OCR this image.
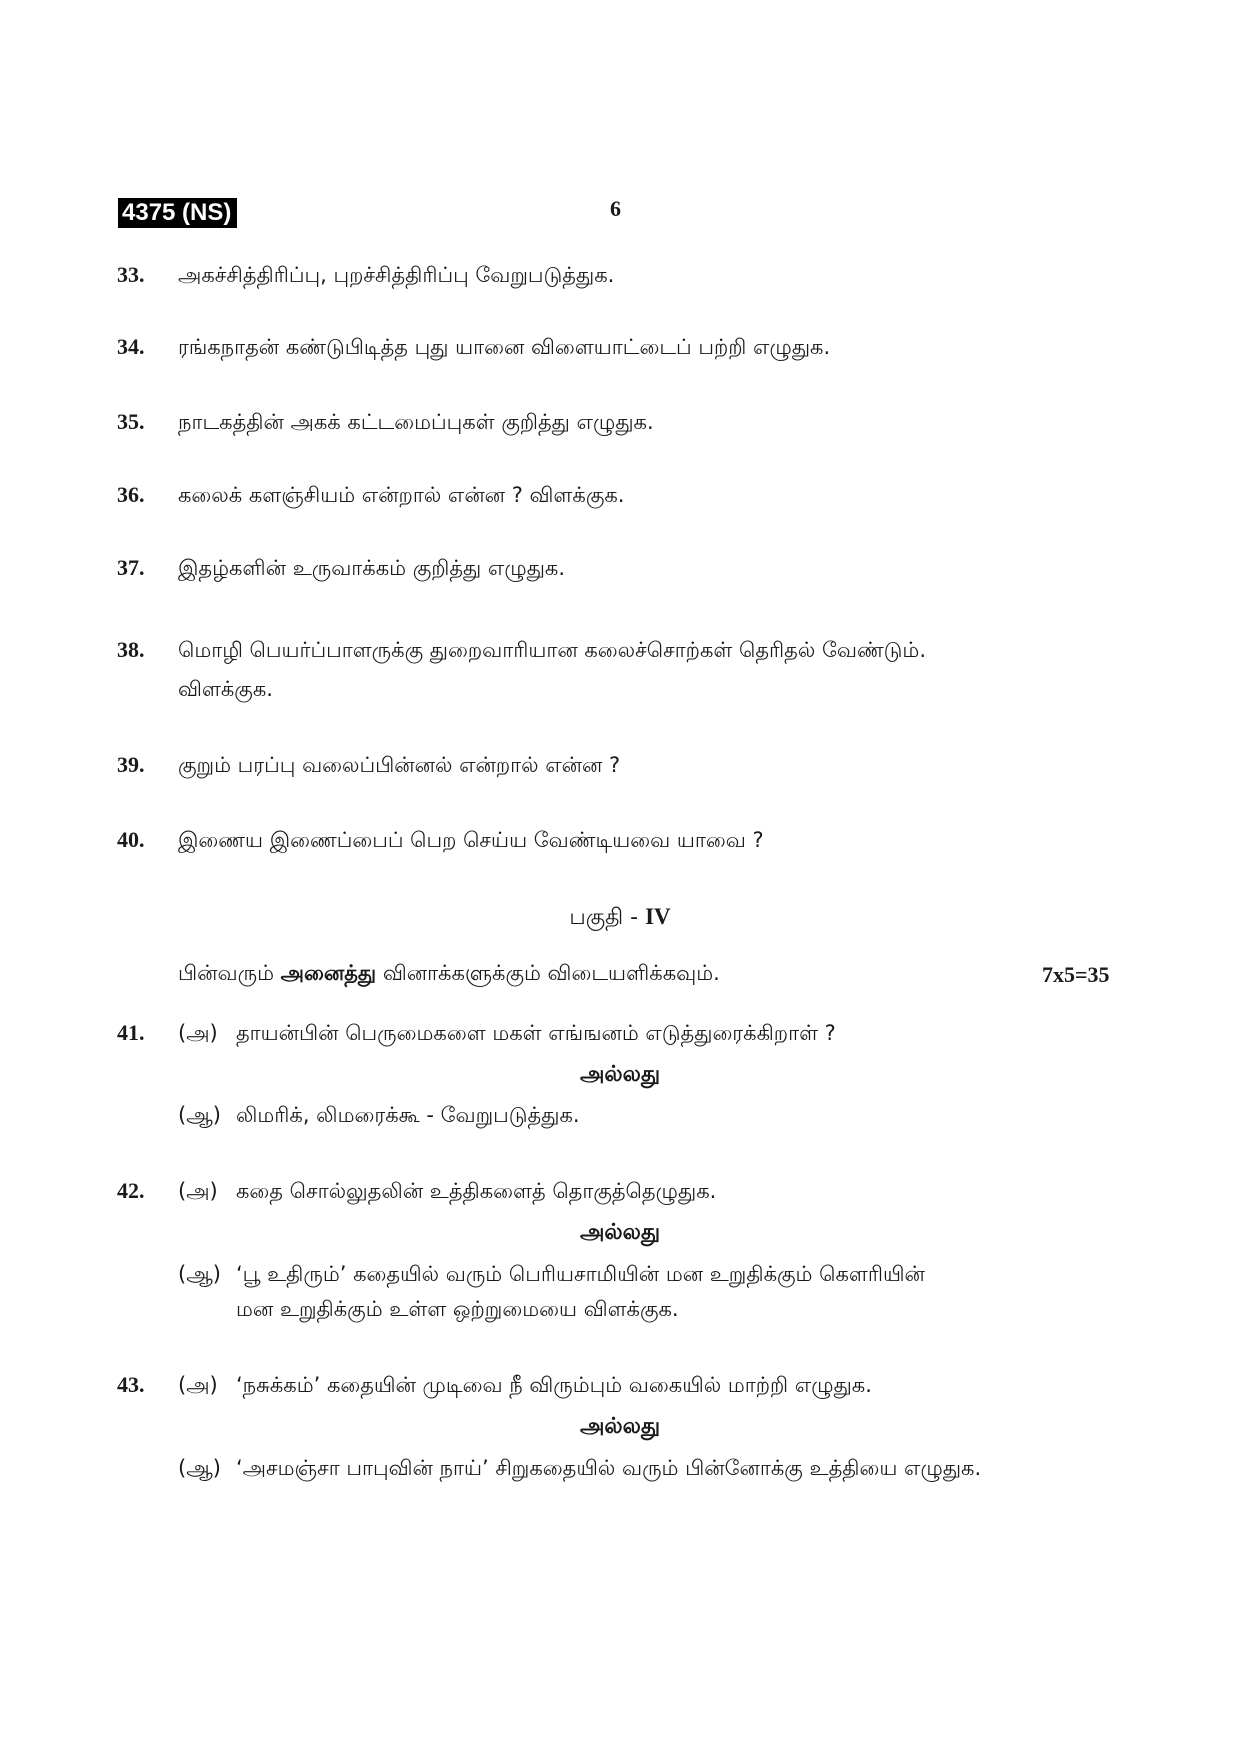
4375 (NS)	6
33. அகச்சித்திரிப்பு, புறச்சித்திரிப்பு வேறுபடுத்துக.
34. ரங்கநாதன் கண்டுபிடித்த புது யானை விளையாட்டைப் பற்றி எழுதுக.
35. நாடகத்தின் அகக் கட்டமைப்புகள் குறித்து எழுதுக.
36. கலைக் களஞ்சியம் என்றால் என்ன ? விளக்குக.
37. இதழ்களின் உருவாக்கம் குறித்து எழுதுக.
38. மொழி பெயர்ப்பாளருக்கு துறைவாரியான கலைச்சொற்கள் தெரிதல் வேண்டும்.
விளக்குக.
39. குறும் பரப்பு வலைப்பின்னல் என்றால் என்ன ?
40. இணைய இணைப்பைப் பெற செய்ய வேண்டியவை யாவை ?
பகுதி - IV
பின்வரும் அனைத்து வினாக்களுக்கும் விடையளிக்கவும்.	7x5=35
41. (அ) தாயன்பின் பெருமைகளை மகள் எங்ஙனம் எடுத்துரைக்கிறாள் ?
அல்லது
(ஆ) லிமரிக், லிமரைக்கூ - வேறுபடுத்துக.
42. (அ) கதை சொல்லுதலின் உத்திகளைத் தொகுத்தெழுதுக.
அல்லது
(ஆ) ‘பூ உதிரும்’ கதையில் வரும் பெரியசாமியின் மன உறுதிக்கும் கௌரியின்
மன உறுதிக்கும் உள்ள ஒற்றுமையை விளக்குக.
43. (அ) ‘நசுக்கம்’ கதையின் முடிவை நீ விரும்பும் வகையில் மாற்றி எழுதுக.
அல்லது
(ஆ) ‘அசமஞ்சா பாபுவின் நாய்’ சிறுகதையில் வரும் பின்னோக்கு உத்தியை எழுதுக.
